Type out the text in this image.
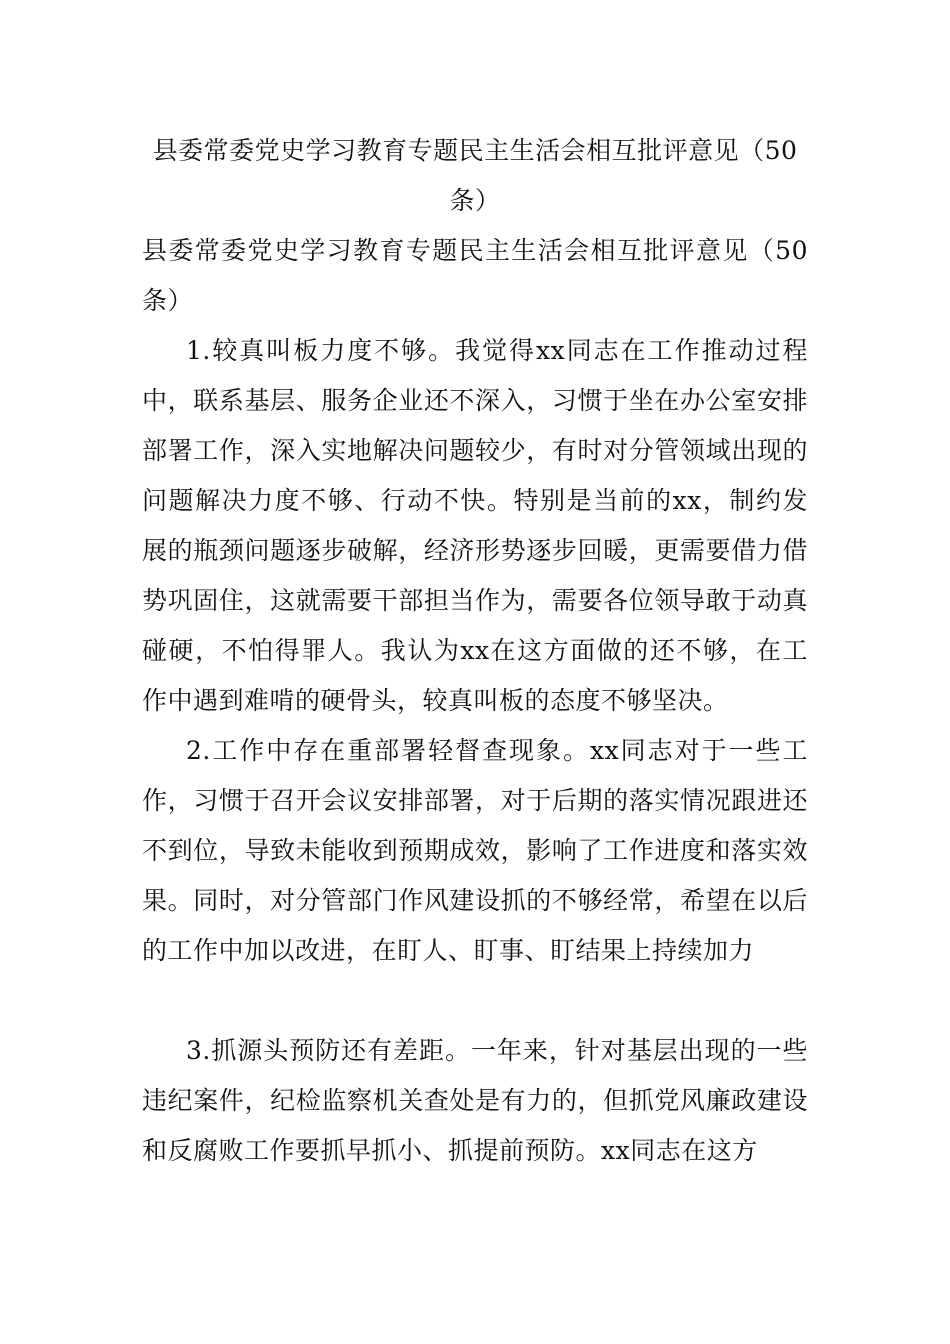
县委常委党史学习教育专题民主生活会相互批评意见（50条）

县委常委党史学习教育专题民主生活会相互批评意见（50条）

1.较真叫板力度不够。我觉得xx同志在工作推动过程中，联系基层、服务企业还不深入，习惯于坐在办公室安排部署工作，深入实地解决问题较少，有时对分管领域出现的问题解决力度不够、行动不快。特别是当前的xx，制约发展的瓶颈问题逐步破解，经济形势逐步回暖，更需要借力借势巩固住，这就需要干部担当作为，需要各位领导敢于动真碰硬，不怕得罪人。我认为xx在这方面做的还不够，在工作中遇到难啃的硬骨头，较真叫板的态度不够坚决。

2.工作中存在重部署轻督查现象。xx同志对于一些工作，习惯于召开会议安排部署，对于后期的落实情况跟进还不到位，导致未能收到预期成效，影响了工作进度和落实效果。同时，对分管部门作风建设抓的不够经常，希望在以后的工作中加以改进，在盯人、盯事、盯结果上持续加力

3.抓源头预防还有差距。一年来，针对基层出现的一些违纪案件，纪检监察机关查处是有力的，但抓党风廉政建设和反腐败工作要抓早抓小、抓提前预防。xx同志在这方
